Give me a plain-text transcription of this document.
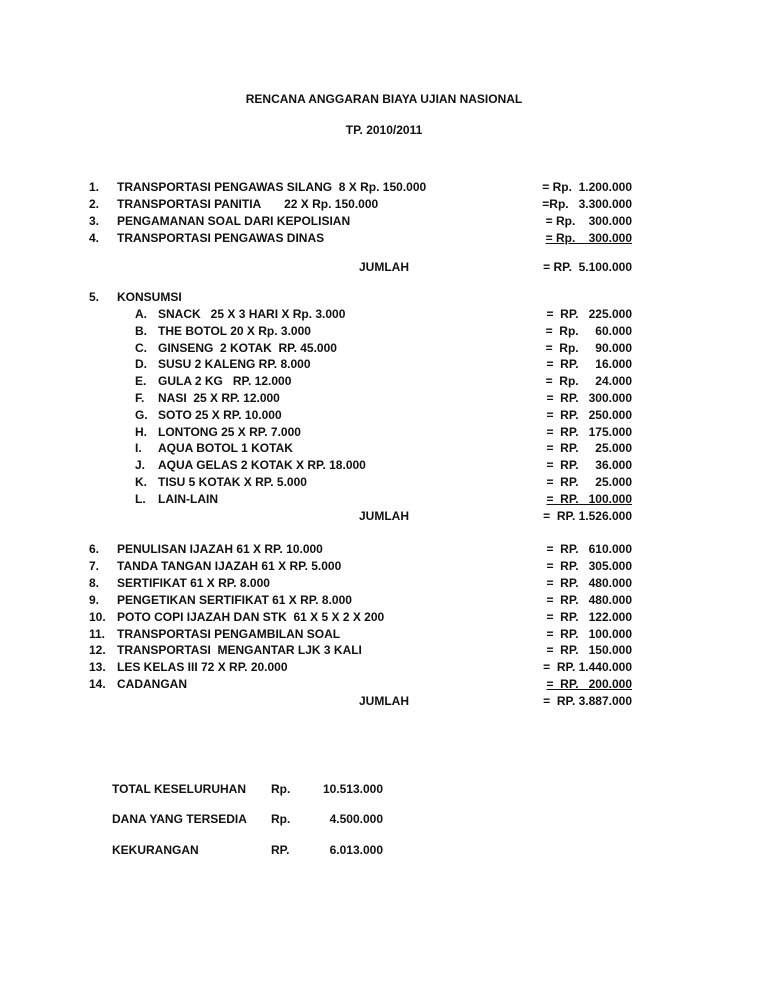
RENCANA ANGGARAN BIAYA UJIAN NASIONAL
TP. 2010/2011
1. TRANSPORTASI PENGAWAS SILANG  8 X Rp. 150.000	= Rp.  1.200.000
2. TRANSPORTASI PANITIA       22 X Rp. 150.000	=Rp.   3.300.000
3. PENGAMANAN SOAL DARI KEPOLISIAN	= Rp.    300.000
4. TRANSPORTASI PENGAWAS DINAS	= Rp.    300.000
JUMLAH	= RP.  5.100.000
5. KONSUMSI
A. SNACK   25 X 3 HARI X Rp. 3.000	=  RP.   225.000
B. THE BOTOL 20 X Rp. 3.000	=  Rp.     60.000
C. GINSENG  2 KOTAK  RP. 45.000	=  Rp.     90.000
D. SUSU 2 KALENG RP. 8.000	=  RP.     16.000
E. GULA 2 KG   RP. 12.000	=  Rp.     24.000
F. NASI  25 X RP. 12.000	=  RP.   300.000
G. SOTO 25 X RP. 10.000	=  RP.   250.000
H. LONTONG 25 X RP. 7.000	=  RP.   175.000
I. AQUA BOTOL 1 KOTAK	=  RP.     25.000
J. AQUA GELAS 2 KOTAK X RP. 18.000	=  RP.     36.000
K. TISU 5 KOTAK X RP. 5.000	=  RP.     25.000
L. LAIN-LAIN	=  RP.   100.000
JUMLAH	=  RP. 1.526.000
6. PENULISAN IJAZAH 61 X RP. 10.000	=  RP.   610.000
7. TANDA TANGAN IJAZAH 61 X RP. 5.000	=  RP.   305.000
8. SERTIFIKAT 61 X RP. 8.000	=  RP.   480.000
9. PENGETIKAN SERTIFIKAT 61 X RP. 8.000	=  RP.   480.000
10. POTO COPI IJAZAH DAN STK  61 X 5 X 2 X 200	=  RP.   122.000
11. TRANSPORTASI PENGAMBILAN SOAL	=  RP.   100.000
12. TRANSPORTASI  MENGANTAR LJK 3 KALI	=  RP.   150.000
13. LES KELAS III 72 X RP. 20.000	=  RP. 1.440.000
14. CADANGAN	=  RP.   200.000
JUMLAH	=  RP. 3.887.000
TOTAL KESELURUHAN Rp.	10.513.000
DANA YANG TERSEDIA Rp.	4.500.000
KEKURANGAN	RP.	6.013.000
